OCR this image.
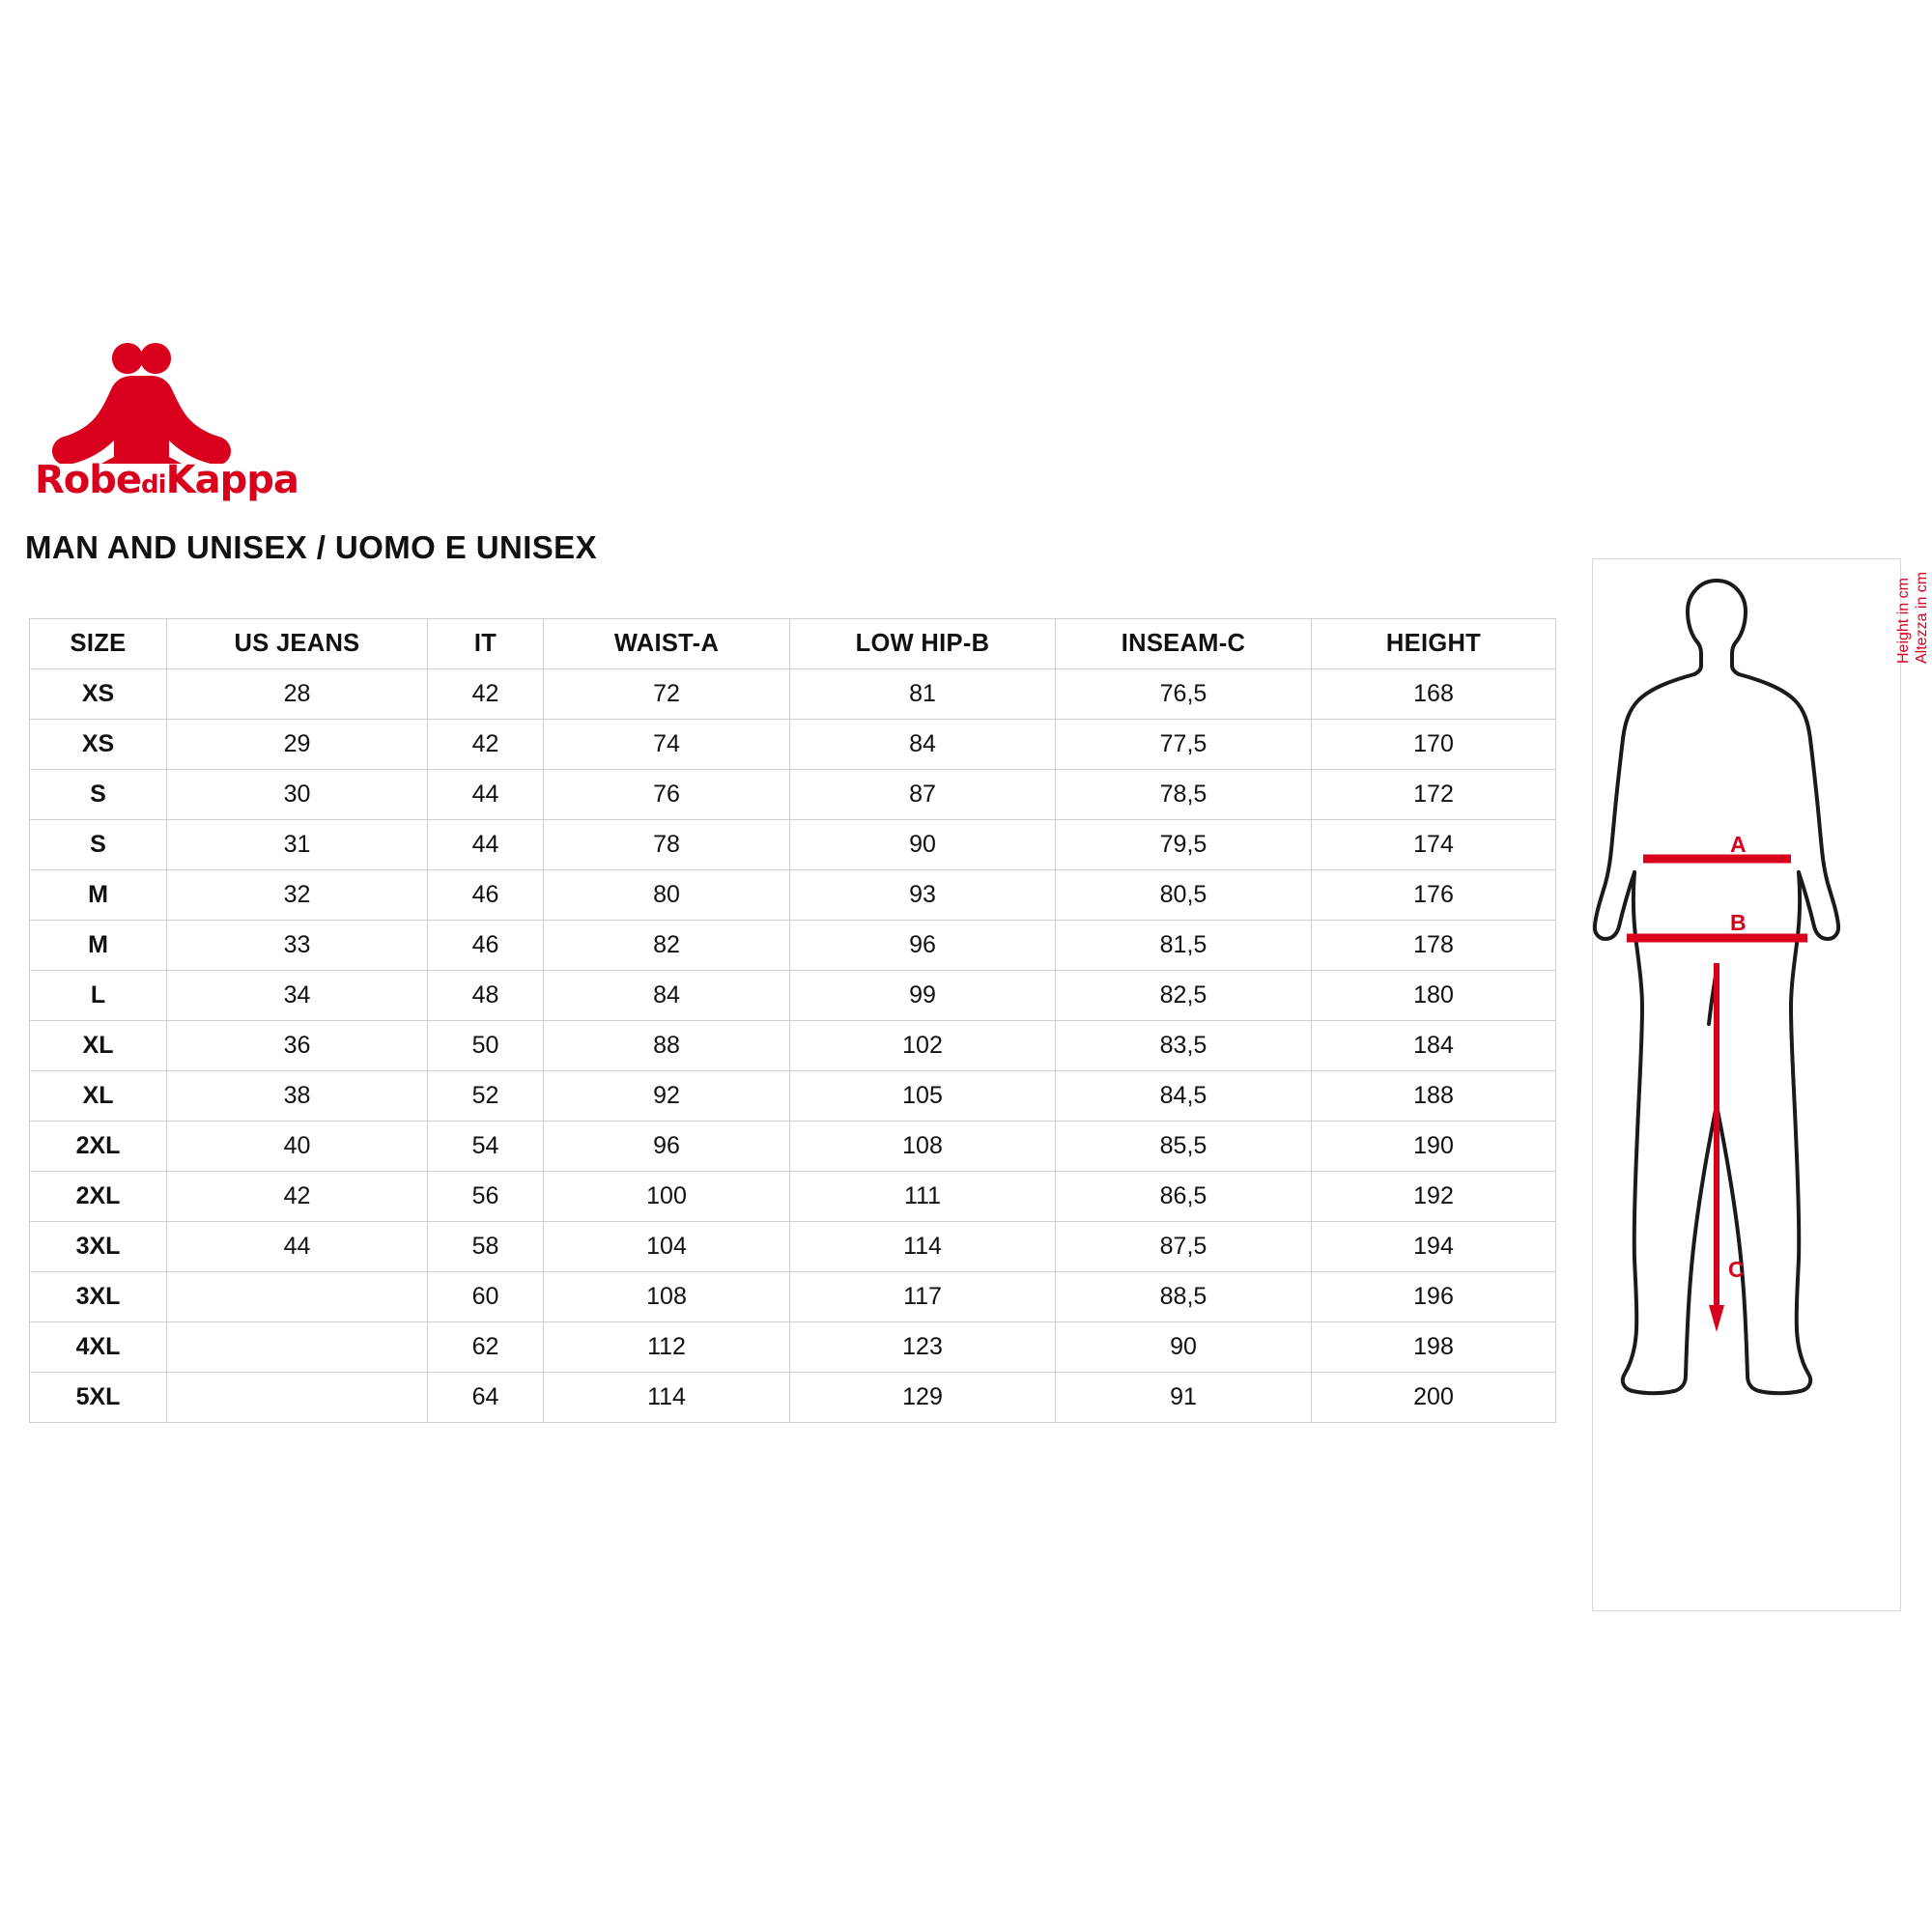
RobediKappa
MAN AND UNISEX / UOMO E UNISEX
SIZE	US JEANS	IT	WAIST-A	LOW HIP-B	INSEAM-C	HEIGHT
XS	28	42	72	81	76,5	168
XS	29	42	74	84	77,5	170
S	30	44	76	87	78,5	172
S	31	44	78	90	79,5	174
M	32	46	80	93	80,5	176
M	33	46	82	96	81,5	178
L	34	48	84	99	82,5	180
XL	36	50	88	102	83,5	184
XL	38	52	92	105	84,5	188
2XL	40	54	96	108	85,5	190
2XL	42	56	100	111	86,5	192
3XL	44	58	104	114	87,5	194
3XL		60	108	117	88,5	196
4XL		62	112	123	90	198
5XL		64	114	129	91	200
A
B
C
Height in cm Altezza in cm
